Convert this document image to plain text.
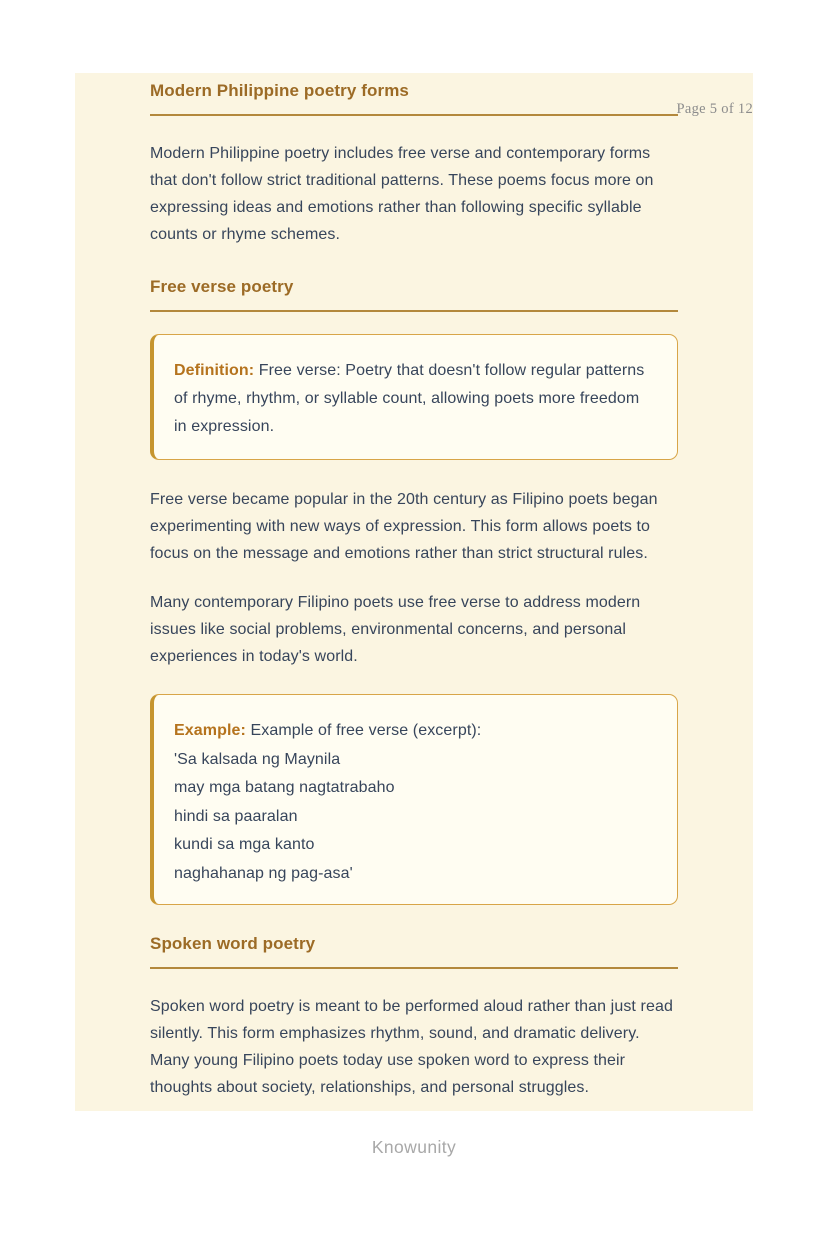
Page 5 of 12
Modern Philippine poetry forms

Modern Philippine poetry includes free verse and contemporary forms that don't follow strict traditional patterns. These poems focus more on expressing ideas and emotions rather than following specific syllable counts or rhyme schemes.

Free verse poetry

Definition: Free verse: Poetry that doesn't follow regular patterns of rhyme, rhythm, or syllable count, allowing poets more freedom in expression.

Free verse became popular in the 20th century as Filipino poets began experimenting with new ways of expression. This form allows poets to focus on the message and emotions rather than strict structural rules.

Many contemporary Filipino poets use free verse to address modern issues like social problems, environmental concerns, and personal experiences in today's world.

Example: Example of free verse (excerpt):

'Sa kalsada ng Maynila

may mga batang nagtatrabaho

hindi sa paaralan

kundi sa mga kanto

naghahanap ng pag-asa'

Spoken word poetry

Spoken word poetry is meant to be performed aloud rather than just read silently. This form emphasizes rhythm, sound, and dramatic delivery. Many young Filipino poets today use spoken word to express their thoughts about society, relationships, and personal struggles.

Knowunity
